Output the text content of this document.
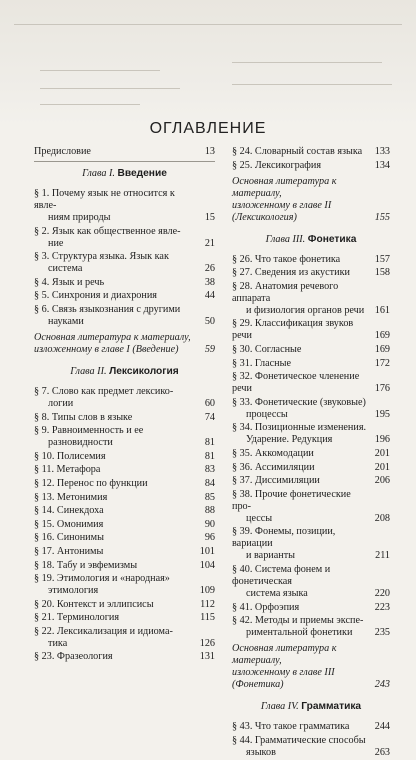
ОГЛАВЛЕНИЕ
Предисловие	13
Глава I. Введение
§ 1. Почему язык не относится к явле-
ниям природы	15
§ 2. Язык как общественное явле-
ние	21
§ 3. Структура языка. Язык как
система	26
§ 4. Язык и речь	38
§ 5. Синхрония и диахрония	44
§ 6. Связь языкознания с другими
науками	50
Основная литература к материалу,
изложенному в главе I (Введение)	59
Глава II. Лексикология
§ 7. Слово как предмет лексико-
логии	60
§ 8. Типы слов в языке	74
§ 9. Равноименность и ее
разновидности	81
§ 10. Полисемия	81
§ 11. Метафора	83
§ 12. Перенос по функции	84
§ 13. Метонимия	85
§ 14. Синекдоха	88
§ 15. Омонимия	90
§ 16. Синонимы	96
§ 17. Антонимы	101
§ 18. Табу и эвфемизмы	104
§ 19. Этимология и «народная»
этимология	109
§ 20. Контекст и эллипсисы	112
§ 21. Терминология	115
§ 22. Лексикализация и идиома-
тика	126
§ 23. Фразеология	131
§ 24. Словарный состав языка	133
§ 25. Лексикография	134
Основная литература к материалу,
изложенному в главе II
(Лексикология)	155
Глава III. Фонетика
§ 26. Что такое фонетика	157
§ 27. Сведения из акустики	158
§ 28. Анатомия речевого аппарата
и физиология органов речи	161
§ 29. Классификация звуков речи	169
§ 30. Согласные	169
§ 31. Гласные	172
§ 32. Фонетическое членение речи	176
§ 33. Фонетические (звуковые)
процессы	195
§ 34. Позиционные изменения.
Ударение. Редукция	196
§ 35. Аккомодации	201
§ 36. Ассимиляции	201
§ 37. Диссимиляции	206
§ 38. Прочие фонетические про-
цессы	208
§ 39. Фонемы, позиции, вариации
и варианты	211
§ 40. Система фонем и фонетическая
система языка	220
§ 41. Орфоэпия	223
§ 42. Методы и приемы экспе-
риментальной фонетики	235
Основная литература к материалу,
изложенному в главе III
(Фонетика)	243
Глава IV. Грамматика
§ 43. Что такое грамматика	244
§ 44. Грамматические способы
языков	263
